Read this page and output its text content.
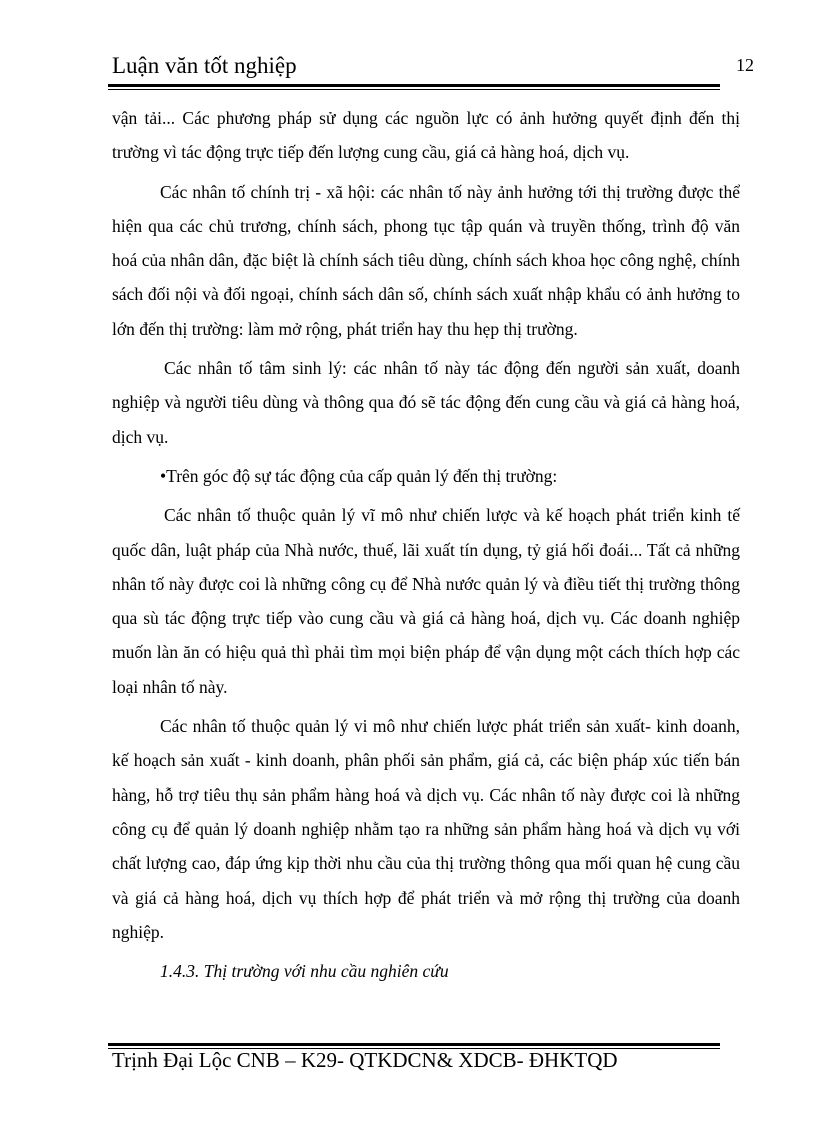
Luận văn tốt nghiệp	12

vận tải... Các phương pháp sử dụng các nguồn lực có ảnh hưởng quyết định đến thị trường vì tác động trực tiếp đến lượng cung cầu, giá cả hàng hoá, dịch vụ.

Các nhân tố chính trị - xã hội: các nhân tố này ảnh hưởng tới thị trường được thể hiện qua các chủ trương, chính sách, phong tục tập quán và truyền thống, trình độ văn hoá của nhân dân, đặc biệt là chính sách tiêu dùng, chính sách khoa học công nghệ, chính sách đối nội và đối ngoại, chính sách dân số, chính sách xuất nhập khẩu có ảnh hưởng to lớn đến thị trường: làm mở rộng, phát triển hay thu hẹp thị trường.

Các nhân tố tâm sinh lý: các nhân tố này tác động đến người sản xuất, doanh nghiệp và người tiêu dùng và thông qua đó sẽ tác động đến cung cầu và giá cả hàng hoá, dịch vụ.

•Trên góc độ sự tác động của cấp quản lý đến thị trường:

Các nhân tố thuộc quản lý vĩ mô như chiến lược và kế hoạch phát triển kinh tế quốc dân, luật pháp của Nhà nước, thuế, lãi xuất tín dụng, tỷ giá hối đoái... Tất cả những nhân tố này được coi là những công cụ để Nhà nước quản lý và điều tiết thị trường thông qua sù tác động trực tiếp vào cung cầu và giá cả hàng hoá, dịch vụ. Các doanh nghiệp muốn làn ăn có hiệu quả thì phải tìm mọi biện pháp để vận dụng một cách thích hợp các loại nhân tố này.

Các nhân tố thuộc quản lý vi mô như chiến lược phát triển sản xuất- kinh doanh, kế hoạch sản xuất - kinh doanh, phân phối sản phẩm, giá cả, các biện pháp xúc tiến bán hàng, hỗ trợ tiêu thụ sản phẩm hàng hoá và dịch vụ. Các nhân tố này được coi là những công cụ để quản lý doanh nghiệp nhằm tạo ra những sản phẩm hàng hoá và dịch vụ với chất lượng cao, đáp ứng kịp thời nhu cầu của thị trường thông qua mối quan hệ cung cầu và giá cả hàng hoá, dịch vụ thích hợp để phát triển và mở rộng thị trường của doanh nghiệp.

1.4.3. Thị trường với nhu cầu nghiên cứu

Trịnh Đại Lộc CNB – K29- QTKDCN& XDCB- ĐHKTQD
